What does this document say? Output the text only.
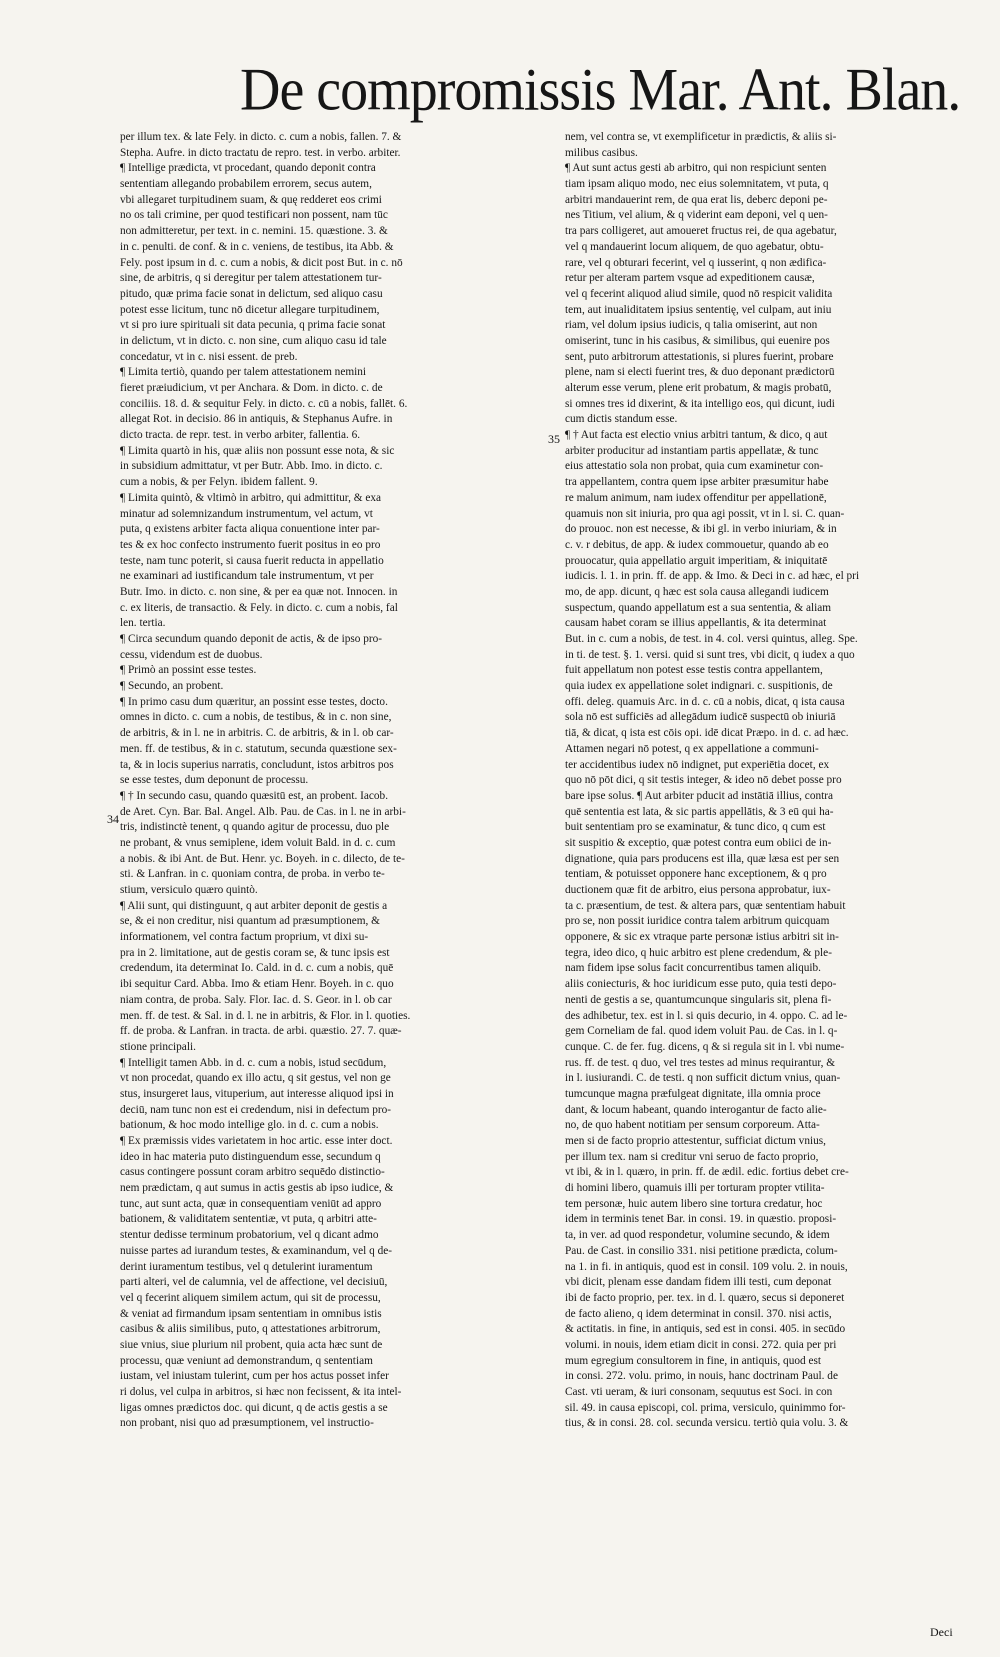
De compromissis Mar. Ant. Blan.
per illum tex. & late Fely. in dicto. c. cum a nobis, fallen. 7. &
Stepha. Aufre. in dicto tractatu de repro. test. in verbo. arbiter.
¶ Intellige prædicta, vt procedant, quando deponit contra
sententiam allegando probabilem errorem, secus autem,
vbi allegaret turpitudinem suam, & quę redderet eos crimi
no os tali crimine, per quod testificari non possent, nam tūc
non admitteretur, per text. in c. nemini. 15. quæstione. 3. &
in c. penulti. de conf. & in c. veniens, de testibus, ita Abb. &
Fely. post ipsum in d. c. cum a nobis, & dicit post But. in c. nō
sine, de arbitris, q si deregitur per talem attestationem tur-
pitudo, quæ prima facie sonat in delictum, sed aliquo casu
potest esse licitum, tunc nō dicetur allegare turpitudinem,
vt si pro iure spirituali sit data pecunia, q prima facie sonat
in delictum, vt in dicto. c. non sine, cum aliquo casu id tale
concedatur, vt in c. nisi essent. de preb.
¶ Limita tertiò, quando per talem attestationem nemini
fieret præiudicium, vt per Anchara. & Dom. in dicto. c. de
conciliis. 18. d. & sequitur Fely. in dicto. c. cū a nobis, fallēt. 6.
allegat Rot. in decisio. 86 in antiquis, & Stephanus Aufre. in
dicto tracta. de repr. test. in verbo arbiter, fallentia. 6.
¶ Limita quartò in his, quæ aliis non possunt esse nota, & sic
in subsidium admittatur, vt per Butr. Abb. Imo. in dicto. c.
cum a nobis, & per Felyn. ibidem fallent. 9.
¶ Limita quintò, & vltimò in arbitro, qui admittitur, & exa
minatur ad solemnizandum instrumentum, vel actum, vt
puta, q existens arbiter facta aliqua conuentione inter par-
tes & ex hoc confecto instrumento fuerit positus in eo pro
teste, nam tunc poterit, si causa fuerit reducta in appellatio
ne examinari ad iustificandum tale instrumentum, vt per
Butr. Imo. in dicto. c. non sine, & per ea quæ not. Innocen. in
c. ex literis, de transactio. & Fely. in dicto. c. cum a nobis, fal
len. tertia.
¶ Circa secundum quando deponit de actis, & de ipso pro-
cessu, videndum est de duobus.
¶ Primò an possint esse testes.
¶ Secundo, an probent.
¶ In primo casu dum quæritur, an possint esse testes, docto.
omnes in dicto. c. cum a nobis, de testibus, & in c. non sine,
de arbitris, & in l. ne in arbitris. C. de arbitris, & in l. ob car-
men. ff. de testibus, & in c. statutum, secunda quæstione sex-
ta, & in locis superius narratis, concludunt, istos arbitros pos
se esse testes, dum deponunt de processu.
¶ † In secundo casu, quando quæsitū est, an probent. Iacob.
de Aret. Cyn. Bar. Bal. Angel. Alb. Pau. de Cas. in l. ne in arbi-
tris, indistinctè tenent, q quando agitur de processu, duo ple
ne probant, & vnus semiplene, idem voluit Bald. in d. c. cum
a nobis. & ibi Ant. de But. Henr. yc. Boyeh. in c. dilecto, de te-
sti. & Lanfran. in c. quoniam contra, de proba. in verbo te-
stium, versiculo quæro quintò.
¶ Alii sunt, qui distinguunt, q aut arbiter deponit de gestis a
se, & ei non creditur, nisi quantum ad præsumptionem, &
informationem, vel contra factum proprium, vt dixi su-
pra in 2. limitatione, aut de gestis coram se, & tunc ipsis est
credendum, ita determinat Io. Cald. in d. c. cum a nobis, quē
ibi sequitur Card. Abba. Imo & etiam Henr. Boyeh. in c. quo
niam contra, de proba. Saly. Flor. Iac. d. S. Geor. in l. ob car
men. ff. de test. & Sal. in d. l. ne in arbitris, & Flor. in l. quoties.
ff. de proba. & Lanfran. in tracta. de arbi. quæstio. 27. 7. quæ-
stione principali.
¶ Intelligit tamen Abb. in d. c. cum a nobis, istud secūdum,
vt non procedat, quando ex illo actu, q sit gestus, vel non ge
stus, insurgeret laus, vituperium, aut interesse aliquod ipsi in
deciū, nam tunc non est ei credendum, nisi in defectum pro-
bationum, & hoc modo intellige glo. in d. c. cum a nobis.
¶ Ex præmissis vides varietatem in hoc artic. esse inter doct.
ideo in hac materia puto distinguendum esse, secundum q
casus contingere possunt coram arbitro sequēdo distinctio-
nem prædictam, q aut sumus in actis gestis ab ipso iudice, &
tunc, aut sunt acta, quæ in consequentiam veniūt ad appro
bationem, & validitatem sententiæ, vt puta, q arbitri atte-
stentur dedisse terminum probatorium, vel q dicant admo
nuisse partes ad iurandum testes, & examinandum, vel q de-
derint iuramentum testibus, vel q detulerint iuramentum
parti alteri, vel de calumnia, vel de affectione, vel decisiuū,
vel q fecerint aliquem similem actum, qui sit de processu,
& veniat ad firmandum ipsam sententiam in omnibus istis
casibus & aliis similibus, puto, q attestationes arbitrorum,
siue vnius, siue plurium nil probent, quia acta hæc sunt de
processu, quæ veniunt ad demonstrandum, q sententiam
iustam, vel iniustam tulerint, cum per hos actus posset infer
ri dolus, vel culpa in arbitros, si hæc non fecissent, & ita intel-
ligas omnes prædictos doc. qui dicunt, q de actis gestis a se
non probant, nisi quo ad præsumptionem, vel instructio-
nem, vel contra se, vt exemplificetur in prædictis, & aliis si-
milibus casibus.
¶ Aut sunt actus gesti ab arbitro, qui non respiciunt senten
tiam ipsam aliquo modo, nec eius solemnitatem, vt puta, q
arbitri mandauerint rem, de qua erat lis, deberc deponi pe-
nes Titium, vel alium, & q viderint eam deponi, vel q uen-
tra pars colligeret, aut amoueret fructus rei, de qua agebatur,
vel q mandauerint locum aliquem, de quo agebatur, obtu-
rare, vel q obturari fecerint, vel q iusserint, q non ædifica-
retur per alteram partem vsque ad expeditionem causæ,
vel q fecerint aliquod aliud simile, quod nō respicit validita
tem, aut inualiditatem ipsius sententię, vel culpam, aut iniu
riam, vel dolum ipsius iudicis, q talia omiserint, aut non
omiserint, tunc in his casibus, & similibus, qui euenire pos
sent, puto arbitrorum attestationis, si plures fuerint, probare
plene, nam si electi fuerint tres, & duo deponant prædictorū
alterum esse verum, plene erit probatum, & magis probatū,
si omnes tres id dixerint, & ita intelligo eos, qui dicunt, iudi
cum dictis standum esse.
¶ † Aut facta est electio vnius arbitri tantum, & dico, q aut
arbiter producitur ad instantiam partis appellatæ, & tunc
eius attestatio sola non probat, quia cum examinetur con-
tra appellantem, contra quem ipse arbiter præsumitur habe
re malum animum, nam iudex offenditur per appellationē,
quamuis non sit iniuria, pro qua agi possit, vt in l. si. C. quan-
do prouoc. non est necesse, & ibi gl. in verbo iniuriam, & in
c. v. r debitus, de app. & iudex commouetur, quando ab eo
prouocatur, quia appellatio arguit imperitiam, & iniquitatē
iudicis. l. 1. in prin. ff. de app. & Imo. & Deci in c. ad hæc, el pri
mo, de app. dicunt, q hæc est sola causa allegandi iudicem
suspectum, quando appellatum est a sua sententia, & aliam
causam habet coram se illius appellantis, & ita determinat
But. in c. cum a nobis, de test. in 4. col. versi quintus, alleg. Spe.
in ti. de test. §. 1. versi. quid si sunt tres, vbi dicit, q iudex a quo
fuit appellatum non potest esse testis contra appellantem,
quia iudex ex appellatione solet indignari. c. suspitionis, de
offi. deleg. quamuis Arc. in d. c. cū a nobis, dicat, q ista causa
sola nō est sufficiēs ad allegādum iudicē suspectū ob iniuriā
tiā, & dicat, q ista est cōis opi. idē dicat Præpo. in d. c. ad hæc.
Attamen negari nō potest, q ex appellatione a communi-
ter accidentibus iudex nō indignet, put experiētia docet, ex
quo nō pōt dici, q sit testis integer, & ideo nō debet posse pro
bare ipse solus. ¶ Aut arbiter pducit ad instātiā illius, contra
quē sententia est lata, & sic partis appellātis, & 3 eū qui ha-
buit sententiam pro se examinatur, & tunc dico, q cum est
sit suspitio & exceptio, quæ potest contra eum obiici de in-
dignatione, quia pars producens est illa, quæ læsa est per sen
tentiam, & potuisset opponere hanc exceptionem, & q pro
ductionem quæ fit de arbitro, eius persona approbatur, iux-
ta c. præsentium, de test. & altera pars, quæ sententiam habuit
pro se, non possit iuridice contra talem arbitrum quicquam
opponere, & sic ex vtraque parte personæ istius arbitri sit in-
tegra, ideo dico, q huic arbitro est plene credendum, & ple-
nam fidem ipse solus facit concurrentibus tamen aliquib.
aliis coniecturis, & hoc iuridicum esse puto, quia testi depo-
nenti de gestis a se, quantumcunque singularis sit, plena fi-
des adhibetur, tex. est in l. si quis decurio, in 4. oppo. C. ad le-
gem Corneliam de fal. quod idem voluit Pau. de Cas. in l. q-
cunque. C. de fer. fug. dicens, q & si regula sit in l. vbi nume-
rus. ff. de test. q duo, vel tres testes ad minus requirantur, &
in l. iusiurandi. C. de testi. q non sufficit dictum vnius, quan-
tumcunque magna præfulgeat dignitate, illa omnia proce
dant, & locum habeant, quando interogantur de facto alie-
no, de quo habent notitiam per sensum corporeum. Atta-
men si de facto proprio attestentur, sufficiat dictum vnius,
per illum tex. nam si creditur vni seruo de facto proprio,
vt ibi, & in l. quæro, in prin. ff. de ædil. edic. fortius debet cre-
di homini libero, quamuis illi per torturam propter vtilita-
tem personæ, huic autem libero sine tortura credatur, hoc
idem in terminis tenet Bar. in consi. 19. in quæstio. proposi-
ta, in ver. ad quod respondetur, volumine secundo, & idem
Pau. de Cast. in consilio 331. nisi petitione prædicta, colum-
na 1. in fi. in antiquis, quod est in consil. 109 volu. 2. in nouis,
vbi dicit, plenam esse dandam fidem illi testi, cum deponat
ibi de facto proprio, per. tex. in d. l. quæro, secus si deponeret
de facto alieno, q idem determinat in consil. 370. nisi actis,
& actitatis. in fine, in antiquis, sed est in consi. 405. in secūdo
volumi. in nouis, idem etiam dicit in consi. 272. quia per pri
mum egregium consultorem in fine, in antiquis, quod est
in consi. 272. volu. primo, in nouis, hanc doctrinam Paul. de
Cast. vti ueram, & iuri consonam, sequutus est Soci. in con
sil. 49. in causa episcopi, col. prima, versiculo, quinimmo for-
tius, & in consi. 28. col. secunda versicu. tertiò quia volu. 3. &
34
35
Deci
